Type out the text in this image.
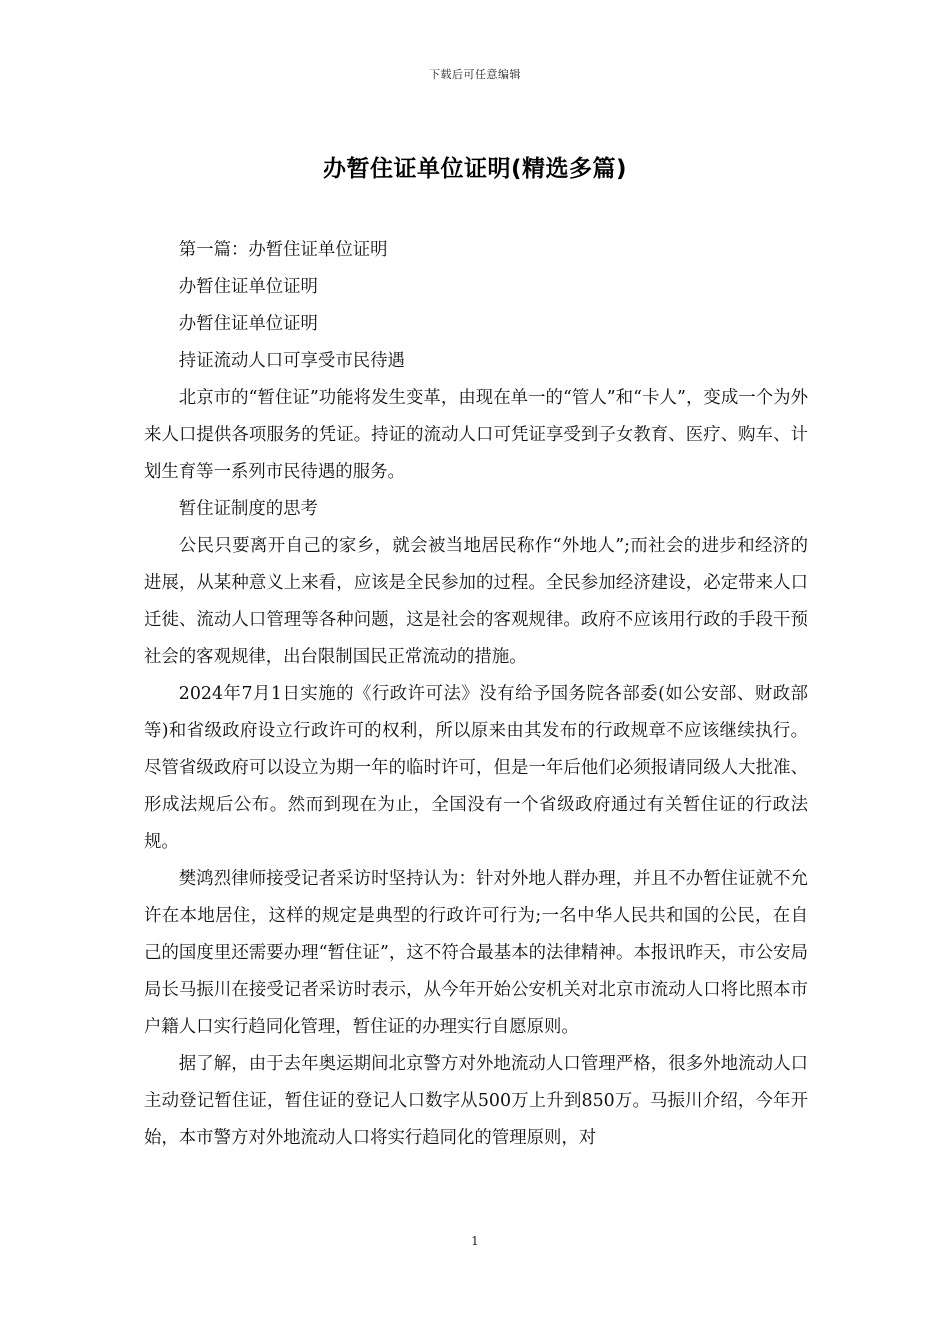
下载后可任意编辑
办暂住证单位证明(精选多篇)

第一篇：办暂住证单位证明

办暂住证单位证明

办暂住证单位证明

持证流动人口可享受市民待遇

北京市的“暂住证”功能将发生变革，由现在单一的“管人”和“卡人”，变成一个为外来人口提供各项服务的凭证。持证的流动人口可凭证享受到子女教育、医疗、购车、计划生育等一系列市民待遇的服务。

暂住证制度的思考

公民只要离开自己的家乡，就会被当地居民称作“外地人”;而社会的进步和经济的进展，从某种意义上来看，应该是全民参加的过程。全民参加经济建设，必定带来人口迁徙、流动人口管理等各种问题，这是社会的客观规律。政府不应该用行政的手段干预社会的客观规律，出台限制国民正常流动的措施。

2024年7月1日实施的《行政许可法》没有给予国务院各部委(如公安部、财政部等)和省级政府设立行政许可的权利，所以原来由其发布的行政规章不应该继续执行。尽管省级政府可以设立为期一年的临时许可，但是一年后他们必须报请同级人大批准、形成法规后公布。然而到现在为止，全国没有一个省级政府通过有关暂住证的行政法规。

樊鸿烈律师接受记者采访时坚持认为：针对外地人群办理，并且不办暂住证就不允许在本地居住，这样的规定是典型的行政许可行为;一名中华人民共和国的公民，在自己的国度里还需要办理“暂住证”，这不符合最基本的法律精神。本报讯昨天，市公安局局长马振川在接受记者采访时表示，从今年开始公安机关对北京市流动人口将比照本市户籍人口实行趋同化管理，暂住证的办理实行自愿原则。

据了解，由于去年奥运期间北京警方对外地流动人口管理严格，很多外地流动人口主动登记暂住证，暂住证的登记人口数字从500万上升到850万。马振川介绍，今年开始，本市警方对外地流动人口将实行趋同化的管理原则，对

1
